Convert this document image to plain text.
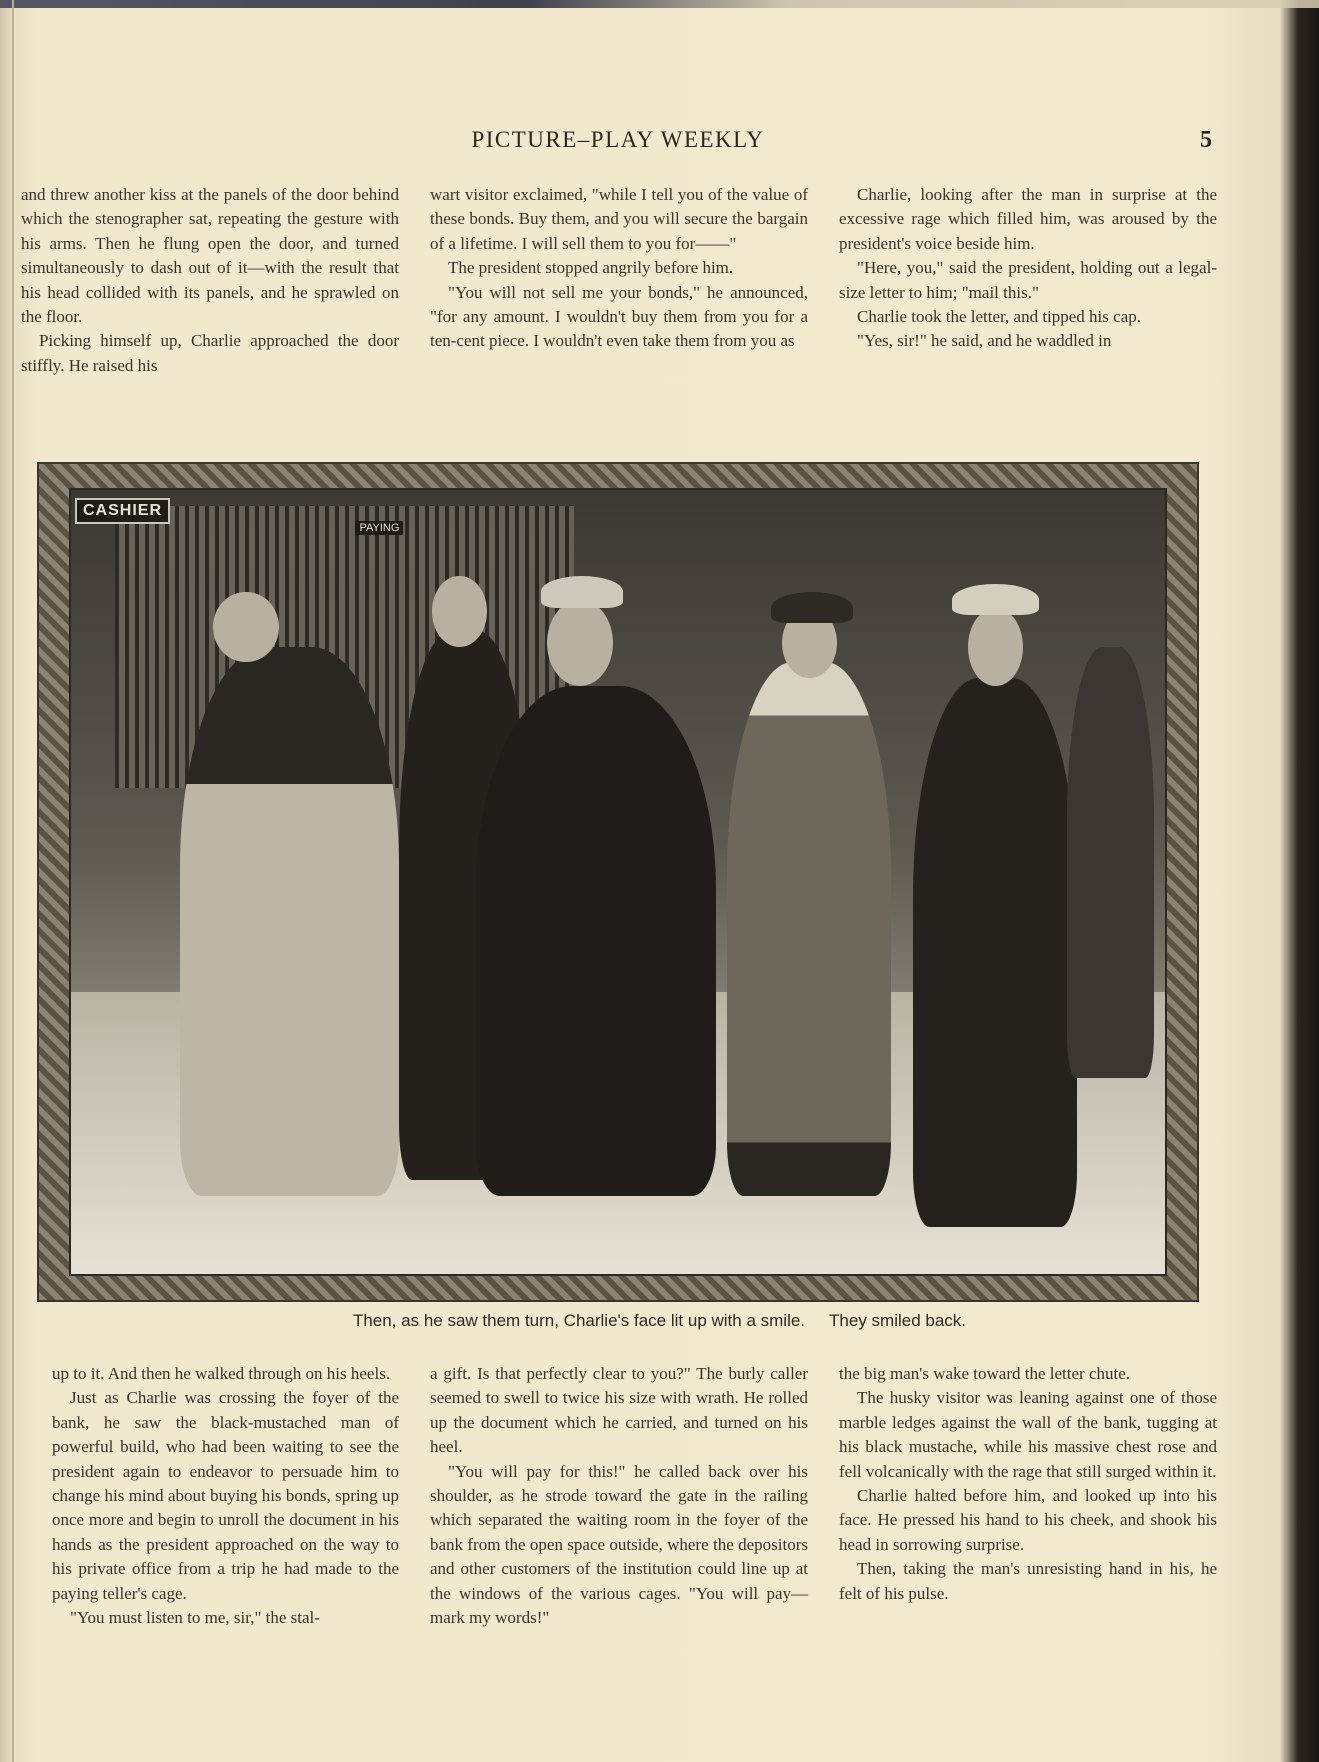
PICTURE–PLAY WEEKLY	5

and threw another kiss at the panels of the door behind which the stenographer sat, repeating the gesture with his arms. Then he flung open the door, and turned simultaneously to dash out of it—with the result that his head collided with its panels, and he sprawled on the floor.

Picking himself up, Charlie approached the door stiffly. He raised his

wart visitor exclaimed, "while I tell you of the value of these bonds. Buy them, and you will secure the bargain of a lifetime. I will sell them to you for——"

The president stopped angrily before him.

"You will not sell me your bonds," he announced, "for any amount. I wouldn't buy them from you for a ten-cent piece. I wouldn't even take them from you as

Charlie, looking after the man in surprise at the excessive rage which filled him, was aroused by the president's voice beside him.

"Here, you," said the president, holding out a legal-size letter to him; "mail this."

Charlie took the letter, and tipped his cap.

"Yes, sir!" he said, and he waddled in

CASHIER
PAYING
Then, as he saw them turn, Charlie's face lit up with a smile. They smiled back.

up to it. And then he walked through on his heels.

Just as Charlie was crossing the foyer of the bank, he saw the black-mustached man of powerful build, who had been waiting to see the president again to endeavor to persuade him to change his mind about buying his bonds, spring up once more and begin to unroll the document in his hands as the president approached on the way to his private office from a trip he had made to the paying teller's cage.

"You must listen to me, sir," the stal-

a gift. Is that perfectly clear to you?" The burly caller seemed to swell to twice his size with wrath. He rolled up the document which he carried, and turned on his heel.

"You will pay for this!" he called back over his shoulder, as he strode toward the gate in the railing which separated the waiting room in the foyer of the bank from the open space outside, where the depositors and other customers of the institution could line up at the windows of the various cages. "You will pay—mark my words!"

the big man's wake toward the letter chute.

The husky visitor was leaning against one of those marble ledges against the wall of the bank, tugging at his black mustache, while his massive chest rose and fell volcanically with the rage that still surged within it.

Charlie halted before him, and looked up into his face. He pressed his hand to his cheek, and shook his head in sorrowing surprise.

Then, taking the man's unresisting hand in his, he felt of his pulse.
